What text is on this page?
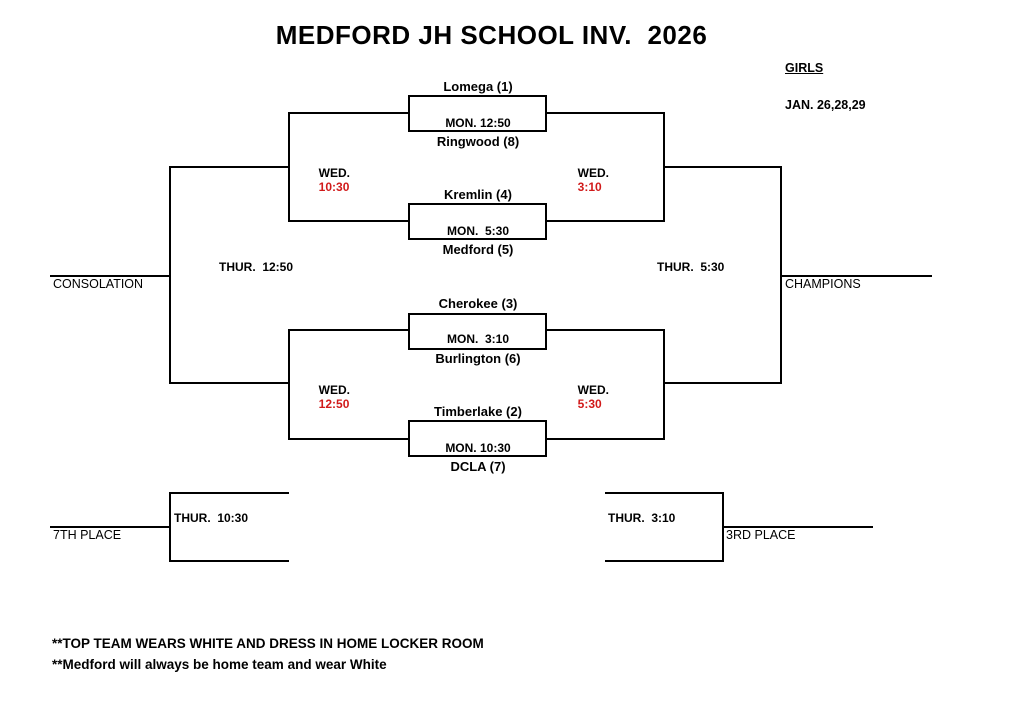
MEDFORD JH SCHOOL INV.  2026
GIRLS
JAN. 26,28,29
Lomega (1)
MON. 12:50
Ringwood (8)
Kremlin (4)
MON.  5:30
Medford (5)
Cherokee (3)
MON.  3:10
Burlington (6)
Timberlake (2)
MON. 10:30
DCLA (7)

WED.
10:30

WED.
3:10

WED.
12:50

WED.
5:30

THUR.  12:50	THUR.  5:30
THUR.  10:30	THUR.  3:10
CONSOLATION	CHAMPIONS
7TH PLACE	3RD PLACE
**TOP TEAM WEARS WHITE AND DRESS IN HOME LOCKER ROOM
**Medford will always be home team and wear White
